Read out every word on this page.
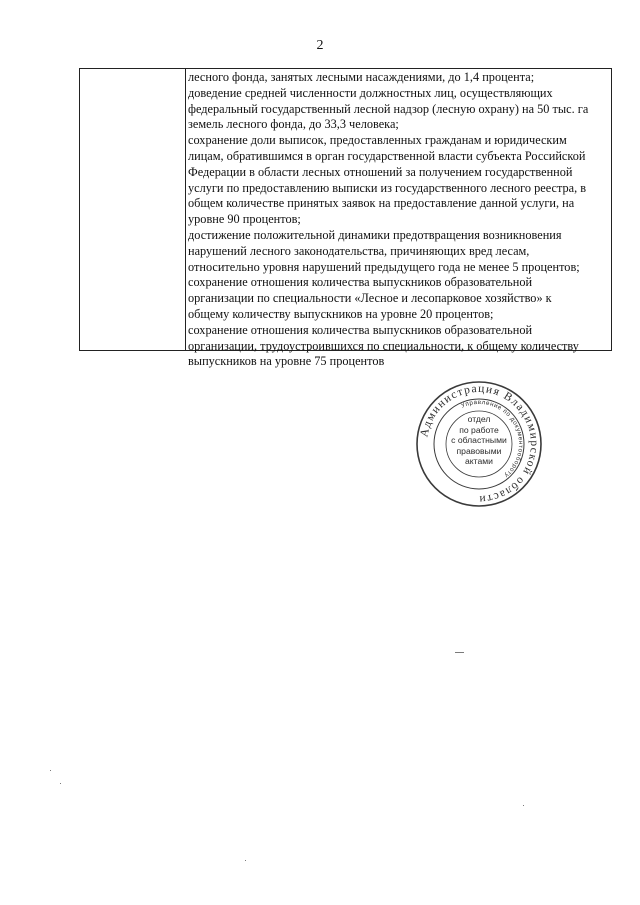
2
лесного фонда, занятых лесными насаждениями, до 1,4 процента;
доведение средней численности должностных лиц, осуществляющих
федеральный государственный лесной надзор (лесную охрану) на 50 тыс. га
земель лесного фонда, до 33,3 человека;
сохранение доли выписок, предоставленных гражданам и юридическим
лицам, обратившимся в орган государственной власти субъекта Российской
Федерации в области лесных отношений за получением государственной
услуги по предоставлению выписки из государственного лесного реестра, в
общем количестве принятых заявок на предоставление данной услуги, на
уровне 90 процентов;
достижение положительной динамики предотвращения возникновения
нарушений лесного законодательства, причиняющих вред лесам,
относительно уровня нарушений предыдущего года не менее 5 процентов;
сохранение отношения количества выпускников образовательной
организации по специальности «Лесное и лесопарковое хозяйство» к
общему количеству выпускников на уровне 20 процентов;
сохранение отношения количества выпускников образовательной
организации, трудоустроившихся по специальности, к общему количеству
выпускников на уровне 75 процентов
Администрация Владимирской области
Управление по документообороту
отдел
по работе
с областными
правовыми
актами
